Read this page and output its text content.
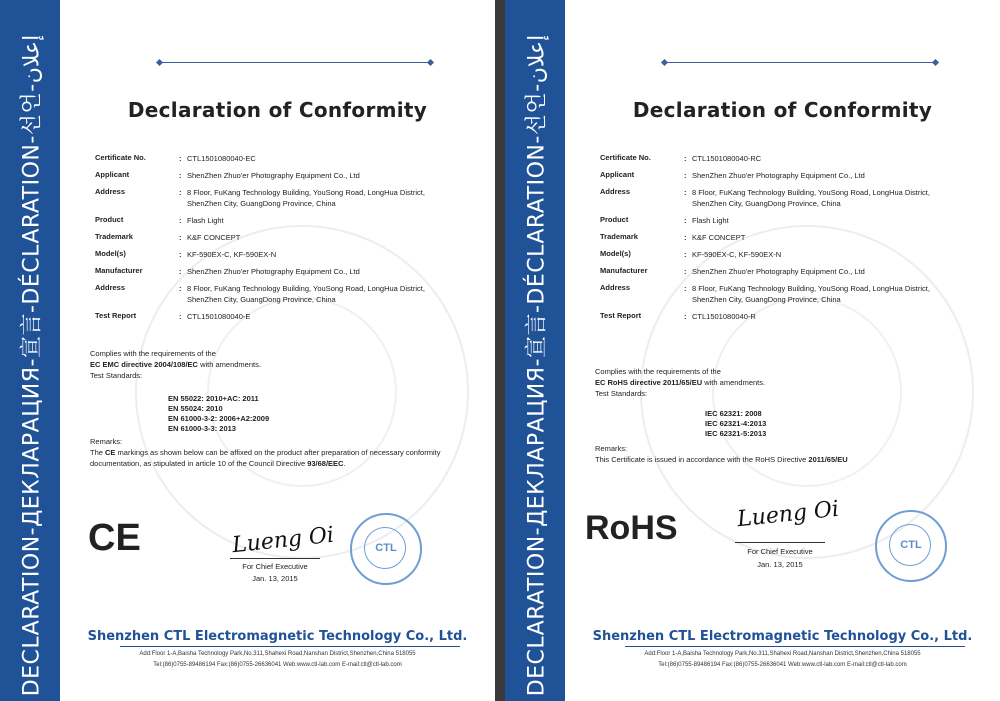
DECLARATION-ДЕКЛАРАЦИЯ-宣言-DÉCLARATION-선언-إعلان
Declaration of Conformity
Certificate No.	: CTL1501080040-EC
Applicant	: ShenZhen Zhuo'er Photography Equipment Co., Ltd
Address	: 8 Floor, FuKang Technology Building, YouSong Road, LongHua District, ShenZhen City, GuangDong Province, China
Product	: Flash Light
Trademark	: K&F CONCEPT
Model(s)	: KF-590EX-C, KF-590EX-N
Manufacturer	: ShenZhen Zhuo'er Photography Equipment Co., Ltd
Address	: 8 Floor, FuKang Technology Building, YouSong Road, LongHua District, ShenZhen City, GuangDong Province, China
Test Report	: CTL1501080040-E
Complies with the requirements of the
EC EMC directive 2004/108/EC with amendments.
Test Standards:
EN 55022: 2010+AC: 2011
EN 55024: 2010
EN 61000-3-2: 2006+A2:2009
EN 61000-3-3: 2013
Remarks:
The CE markings as shown below can be affixed on the product after preparation of necessary conformity documentation, as stipulated in article 10 of the Council Directive 93/68/EEC.
CE	Lueng Oi
For Chief Executive
Jan. 13, 2015
CTL
Shenzhen CTL Electromagnetic Technology Co., Ltd.
Add:Floor 1-A,Baisha Technology Park,No.311,Shahexi Road,Nanshan District,Shenzhen,China 518055
Tel:(86)0755-89486194 Fax:(86)0755-26636041 Web:www.ctl-lab.com E-mail:ctl@ctl-lab.com	DECLARATION-ДЕКЛАРАЦИЯ-宣言-DÉCLARATION-선언-إعلان
Declaration of Conformity
Certificate No.	: CTL1501080040-RC
Applicant	: ShenZhen Zhuo'er Photography Equipment Co., Ltd
Address	: 8 Floor, FuKang Technology Building, YouSong Road, LongHua District, ShenZhen City, GuangDong Province, China
Product	: Flash Light
Trademark	: K&F CONCEPT
Model(s)	: KF-590EX-C, KF-590EX-N
Manufacturer	: ShenZhen Zhuo'er Photography Equipment Co., Ltd
Address	: 8 Floor, FuKang Technology Building, YouSong Road, LongHua District, ShenZhen City, GuangDong Province, China
Test Report	: CTL1501080040-R
Complies with the requirements of the
EC RoHS directive 2011/65/EU with amendments.
Test Standards:
IEC 62321: 2008
IEC 62321-4:2013
IEC 62321-5:2013
Remarks:
This Certificate is issued in accordance with the RoHS Directive 2011/65/EU
RoHS	Lueng Oi
For Chief Executive
Jan. 13, 2015
CTL
Shenzhen CTL Electromagnetic Technology Co., Ltd.
Add:Floor 1-A,Baisha Technology Park,No.311,Shahexi Road,Nanshan District,Shenzhen,China 518055
Tel:(86)0755-89486194 Fax:(86)0755-26636041 Web:www.ctl-lab.com E-mail:ctl@ctl-lab.com
